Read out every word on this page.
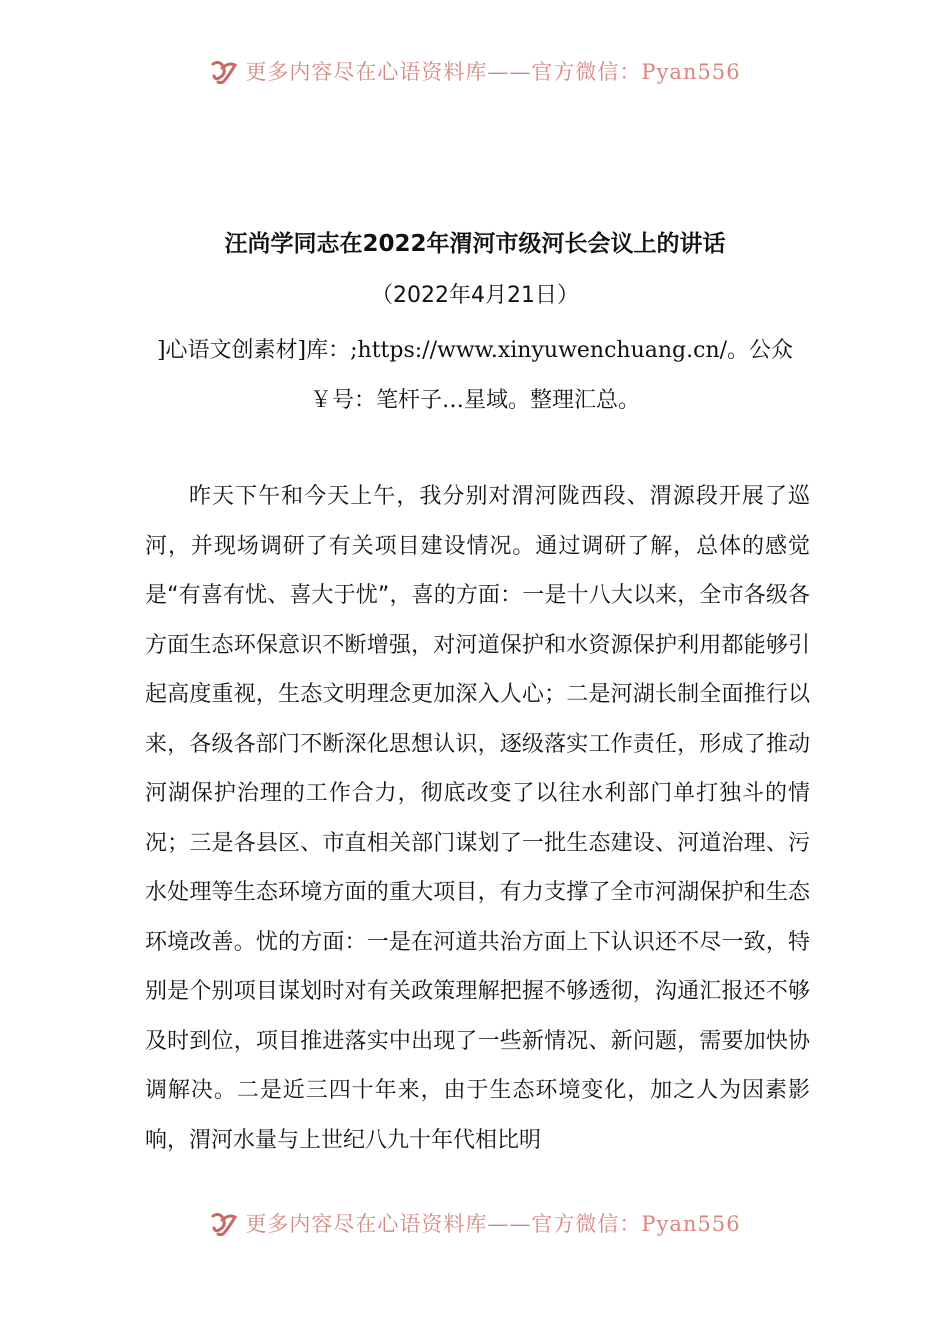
更多内容尽在心语资料库——官方微信：Pyan556
汪尚学同志在2022年渭河市级河长会议上的讲话
（2022年4月21日）
]心语文创素材]库：;https://www.xinyuwenchuang.cn/。公众￥号：笔杆子…星域。整理汇总。

昨天下午和今天上午，我分别对渭河陇西段、渭源段开展了巡河，并现场调研了有关项目建设情况。通过调研了解，总体的感觉是“有喜有忧、喜大于忧”，喜的方面：一是十八大以来，全市各级各方面生态环保意识不断增强，对河道保护和水资源保护利用都能够引起高度重视，生态文明理念更加深入人心；二是河湖长制全面推行以来，各级各部门不断深化思想认识，逐级落实工作责任，形成了推动河湖保护治理的工作合力，彻底改变了以往水利部门单打独斗的情况；三是各县区、市直相关部门谋划了一批生态建设、河道治理、污水处理等生态环境方面的重大项目，有力支撑了全市河湖保护和生态环境改善。忧的方面：一是在河道共治方面上下认识还不尽一致，特别是个别项目谋划时对有关政策理解把握不够透彻，沟通汇报还不够及时到位，项目推进落实中出现了一些新情况、新问题，需要加快协调解决。二是近三四十年来，由于生态环境变化，加之人为因素影响，渭河水量与上世纪八九十年代相比明

更多内容尽在心语资料库——官方微信：Pyan556
